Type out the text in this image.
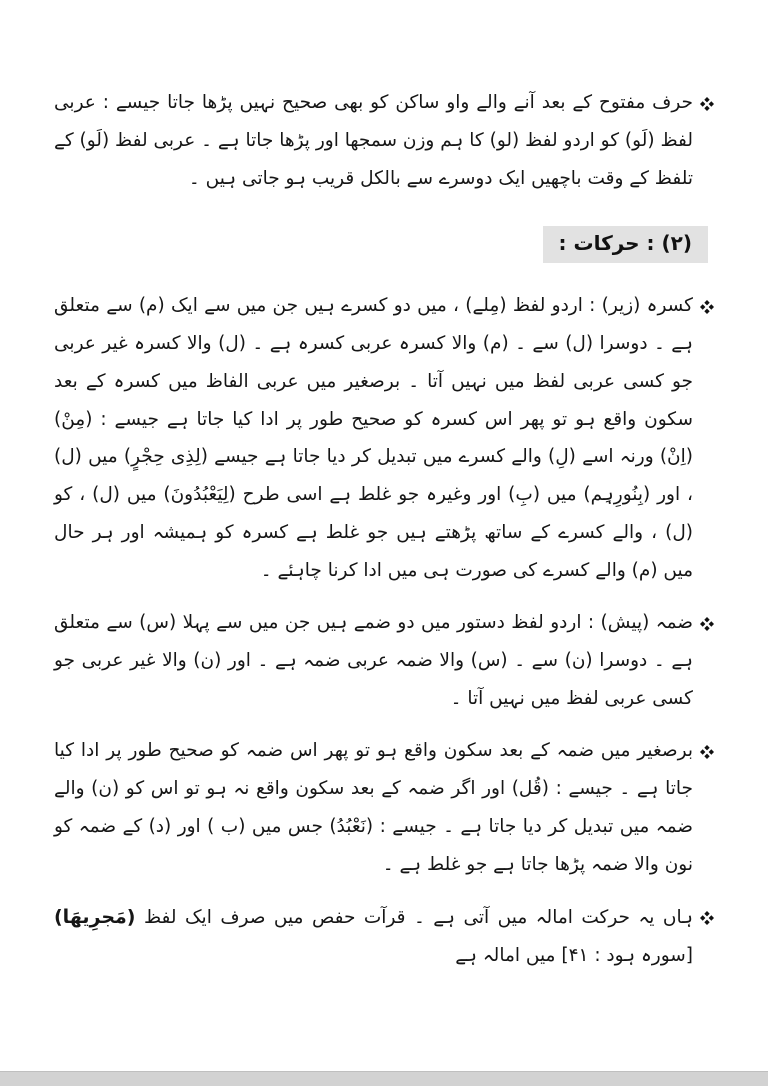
حرف مفتوح کے بعد آنے والے واو ساکن کو بھی صحیح نہیں پڑھا جاتا جیسے : عربی لفظ (لَو) کو اردو لفظ (لو) کا ہم وزن سمجھا اور پڑھا جاتا ہے ۔ عربی لفظ (لَو) کے تلفظ کے وقت باچھیں ایک دوسرے سے بالکل قریب ہو جاتی ہیں ۔

(۲) : حرکات :

کسرہ (زیر) : اردو لفظ (مِلے) ، میں دو کسرے ہیں جن میں سے ایک (م) سے متعلق ہے ۔ دوسرا (ل) سے ۔ (م) والا کسرہ عربی کسرہ ہے ۔ (ل) والا کسرہ غیر عربی جو کسی عربی لفظ میں نہیں آتا ۔ برصغیر میں عربی الفاظ میں کسرہ کے بعد سکون واقع ہو تو پھر اس کسرہ کو صحیح طور پر ادا کیا جاتا ہے جیسے : (مِنْ) (اِنْ) ورنہ اسے (لِ) والے کسرے میں تبدیل کر دیا جاتا ہے جیسے (لِذِی حِجْرٍ) میں (ل) ، اور (بِنُورِہِم) میں (بِ) اور وغیرہ جو غلط ہے اسی طرح (لِیَعْبُدُونَ) میں (ل) ، کو (ل) ، والے کسرے کے ساتھ پڑھتے ہیں جو غلط ہے کسرہ کو ہمیشہ اور ہر حال میں (م) والے کسرے کی صورت ہی میں ادا کرنا چاہئے ۔

ضمہ (پیش) : اردو لفظ دستور میں دو ضمے ہیں جن میں سے پہلا (س) سے متعلق ہے ۔ دوسرا (ن) سے ۔ (س) والا ضمہ عربی ضمہ ہے ۔ اور (ن) والا غیر عربی جو کسی عربی لفظ میں نہیں آتا ۔

برصغیر میں ضمہ کے بعد سکون واقع ہو تو پھر اس ضمہ کو صحیح طور پر ادا کیا جاتا ہے ۔ جیسے : (قُل) اور اگر ضمہ کے بعد سکون واقع نہ ہو تو اس کو (ن) والے ضمہ میں تبدیل کر دیا جاتا ہے ۔ جیسے : (نَعْبُدُ) جس میں (ب ) اور (د) کے ضمہ کو نون والا ضمہ پڑھا جاتا ہے جو غلط ہے ۔

ہاں یہ حرکت امالہ میں آتی ہے ۔ قرآت حفص میں صرف ایک لفظ (مَجرِيهَا) [سورہ ہود : ۴۱] میں امالہ ہے
